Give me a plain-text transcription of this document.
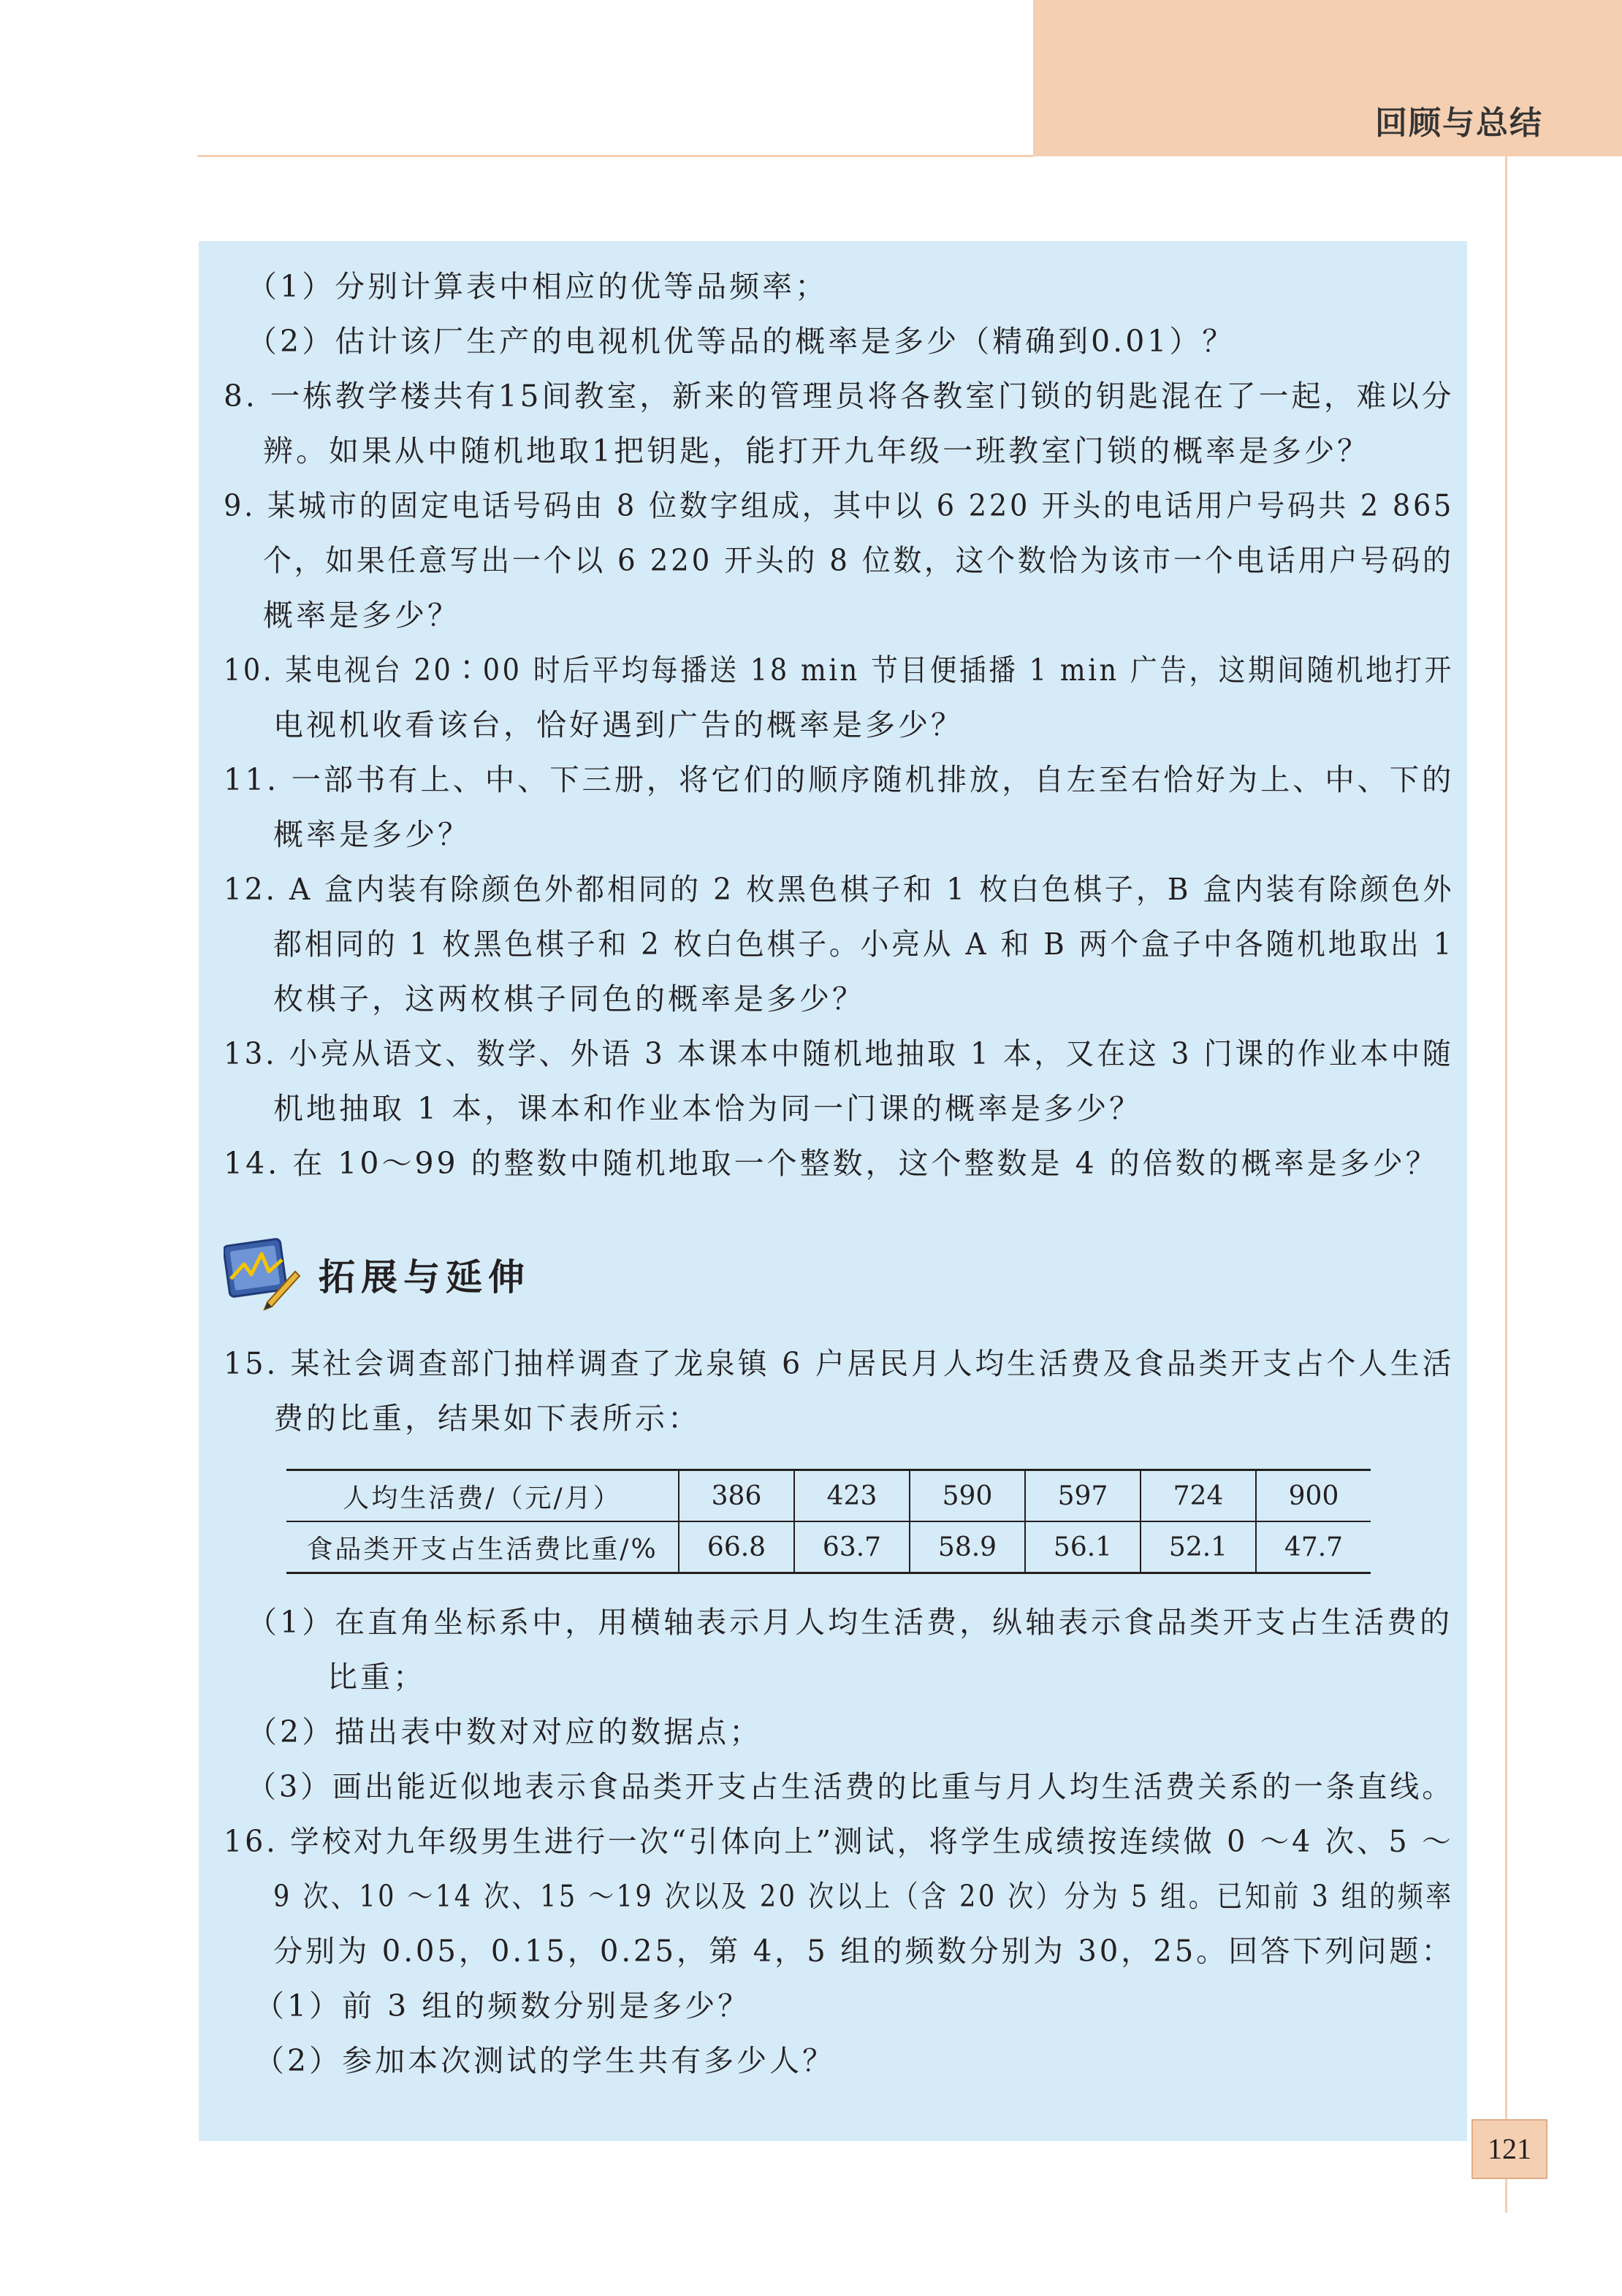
回顾与总结
（1）分别计算表中相应的优等品频率；
（2）估计该厂生产的电视机优等品的概率是多少（精确到0.01）？
8. 一栋教学楼共有15间教室，新来的管理员将各教室门锁的钥匙混在了一起，难以分
辨。如果从中随机地取1把钥匙，能打开九年级一班教室门锁的概率是多少？
9. 某城市的固定电话号码由 8 位数字组成，其中以 6 220 开头的电话用户号码共 2 865
个，如果任意写出一个以 6 220 开头的 8 位数，这个数恰为该市一个电话用户号码的
概率是多少？
10. 某电视台 20∶00 时后平均每播送 18 min 节目便插播 1 min 广告，这期间随机地打开
电视机收看该台，恰好遇到广告的概率是多少？
11. 一部书有上、中、下三册，将它们的顺序随机排放，自左至右恰好为上、中、下的
概率是多少？
12. A 盒内装有除颜色外都相同的 2 枚黑色棋子和 1 枚白色棋子，B 盒内装有除颜色外
都相同的 1 枚黑色棋子和 2 枚白色棋子。小亮从 A 和 B 两个盒子中各随机地取出 1
枚棋子，这两枚棋子同色的概率是多少？
13. 小亮从语文、数学、外语 3 本课本中随机地抽取 1 本，又在这 3 门课的作业本中随
机地抽取 1 本，课本和作业本恰为同一门课的概率是多少？
14. 在 10～99 的整数中随机地取一个整数，这个整数是 4 的倍数的概率是多少？
拓展与延伸
15. 某社会调查部门抽样调查了龙泉镇 6 户居民月人均生活费及食品类开支占个人生活
费的比重，结果如下表所示：
人均生活费/（元/月）	386	423	590	597	724	900
食品类开支占生活费比重/%	66.8	63.7	58.9	56.1	52.1	47.7
（1）在直角坐标系中，用横轴表示月人均生活费，纵轴表示食品类开支占生活费的
比重；
（2）描出表中数对对应的数据点；
（3）画出能近似地表示食品类开支占生活费的比重与月人均生活费关系的一条直线。
16. 学校对九年级男生进行一次“引体向上”测试，将学生成绩按连续做 0 ～4 次、5 ～
9 次、10 ～14 次、15 ～19 次以及 20 次以上（含 20 次）分为 5 组。已知前 3 组的频率
分别为 0.05，0.15，0.25，第 4，5 组的频数分别为 30，25。回答下列问题：
（1）前 3 组的频数分别是多少？
（2）参加本次测试的学生共有多少人？
121
